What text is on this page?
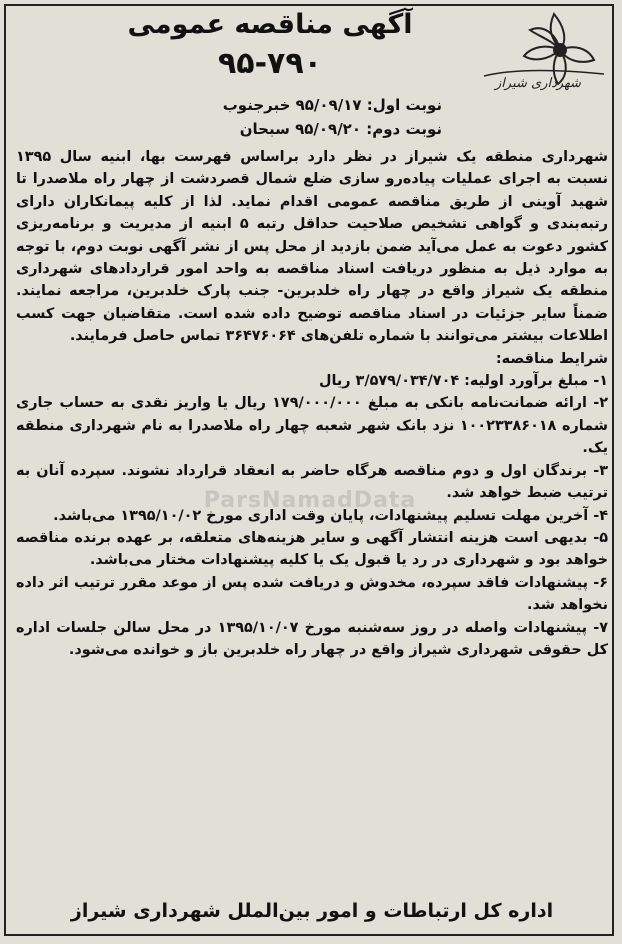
شهرداری شیراز
آگهی مناقصه عمومی
۹۵-۷۹۰
نوبت اول: ۹۵/۰۹/۱۷ خبرجنوب
نوبت دوم: ۹۵/۰۹/۲۰ سبحان
ParsNamadData

شهرداری منطقه یک شیراز در نظر دارد براساس فهرست بها، ابنیه سال ۱۳۹۵ نسبت به اجرای عملیات پیاده‌رو سازی ضلع شمال قصردشت از چهار راه ملاصدرا تا شهید آوینی از طریق مناقصه عمومی اقدام نماید. لذا از کلیه پیمانکاران دارای رتبه‌بندی و گواهی تشخیص صلاحیت حداقل رتبه ۵ ابنیه از مدیریت و برنامه‌ریزی کشور دعوت به عمل می‌آید ضمن بازدید از محل پس از نشر آگهی نوبت دوم، با توجه به موارد ذیل به منظور دریافت اسناد مناقصه به واحد امور قراردادهای شهرداری منطقه یک شیراز واقع در چهار راه خلدبرین- جنب پارک خلدبرین، مراجعه نمایند. ضمناً سایر جزئیات در اسناد مناقصه توضیح داده شده است. متقاضیان جهت کسب اطلاعات بیشتر می‌توانند با شماره تلفن‌های ۳۶۴۷۶۰۶۴ تماس حاصل فرمایند.

شرایط مناقصه:

۱- مبلغ برآورد اولیه: ۳/۵۷۹/۰۳۴/۷۰۴ ریال

۲- ارائه ضمانت‌نامه بانکی به مبلغ ۱۷۹/۰۰۰/۰۰۰ ریال یا واریز نقدی به حساب جاری شماره ۱۰۰۲۳۳۸۶۰۱۸ نزد بانک شهر شعبه چهار راه ملاصدرا به نام شهرداری منطقه یک.

۳- برندگان اول و دوم مناقصه هرگاه حاضر به انعقاد قرارداد نشوند. سپرده آنان به ترتیب ضبط خواهد شد.

۴- آخرین مهلت تسلیم پیشنهادات، پایان وقت اداری مورخ ۱۳۹۵/۱۰/۰۲ می‌باشد.

۵- بدیهی است هزینه انتشار آگهی و سایر هزینه‌های متعلقه، بر عهده برنده مناقصه خواهد بود و شهرداری در رد یا قبول یک یا کلیه پیشنهادات مختار می‌باشد.

۶- پیشنهادات فاقد سپرده، مخدوش و دریافت شده پس از موعد مقرر ترتیب اثر داده نخواهد شد.

۷- پیشنهادات واصله در روز سه‌شنبه مورخ ۱۳۹۵/۱۰/۰۷ در محل سالن جلسات اداره کل حقوقی شهرداری شیراز واقع در چهار راه خلدبرین باز و خوانده می‌شود.

اداره کل ارتباطات و امور بین‌الملل شهرداری شیراز
